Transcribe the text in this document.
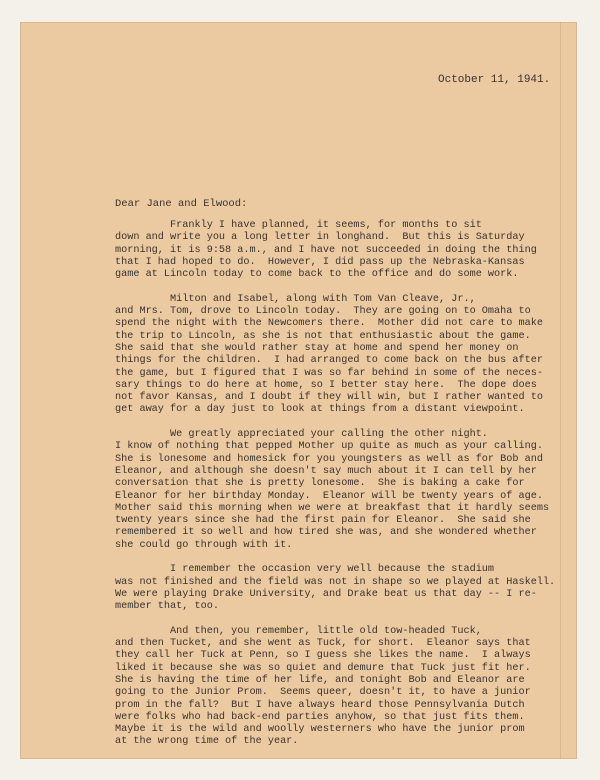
October 11, 1941.
Dear Jane and Elwood:
Frankly I have planned, it seems, for months to sit
down and write you a long letter in longhand.  But this is Saturday
morning, it is 9:58 a.m., and I have not succeeded in doing the thing
that I had hoped to do.  However, I did pass up the Nebraska-Kansas
game at Lincoln today to come back to the office and do some work.
Milton and Isabel, along with Tom Van Cleave, Jr.,
and Mrs. Tom, drove to Lincoln today.  They are going on to Omaha to
spend the night with the Newcomers there.  Mother did not care to make
the trip to Lincoln, as she is not that enthusiastic about the game.
She said that she would rather stay at home and spend her money on
things for the children.  I had arranged to come back on the bus after
the game, but I figured that I was so far behind in some of the neces-
sary things to do here at home, so I better stay here.  The dope does
not favor Kansas, and I doubt if they will win, but I rather wanted to
get away for a day just to look at things from a distant viewpoint.
We greatly appreciated your calling the other night.
I know of nothing that pepped Mother up quite as much as your calling.
She is lonesome and homesick for you youngsters as well as for Bob and
Eleanor, and although she doesn't say much about it I can tell by her
conversation that she is pretty lonesome.  She is baking a cake for
Eleanor for her birthday Monday.  Eleanor will be twenty years of age.
Mother said this morning when we were at breakfast that it hardly seems
twenty years since she had the first pain for Eleanor.  She said she
remembered it so well and how tired she was, and she wondered whether
she could go through with it.
I remember the occasion very well because the stadium
was not finished and the field was not in shape so we played at Haskell.
We were playing Drake University, and Drake beat us that day -- I re-
member that, too.
And then, you remember, little old tow-headed Tuck,
and then Tucket, and she went as Tuck, for short.  Eleanor says that
they call her Tuck at Penn, so I guess she likes the name.  I always
liked it because she was so quiet and demure that Tuck just fit her.
She is having the time of her life, and tonight Bob and Eleanor are
going to the Junior Prom.  Seems queer, doesn't it, to have a junior
prom in the fall?  But I have always heard those Pennsylvania Dutch
were folks who had back-end parties anyhow, so that just fits them.
Maybe it is the wild and woolly westerners who have the junior prom
at the wrong time of the year.
